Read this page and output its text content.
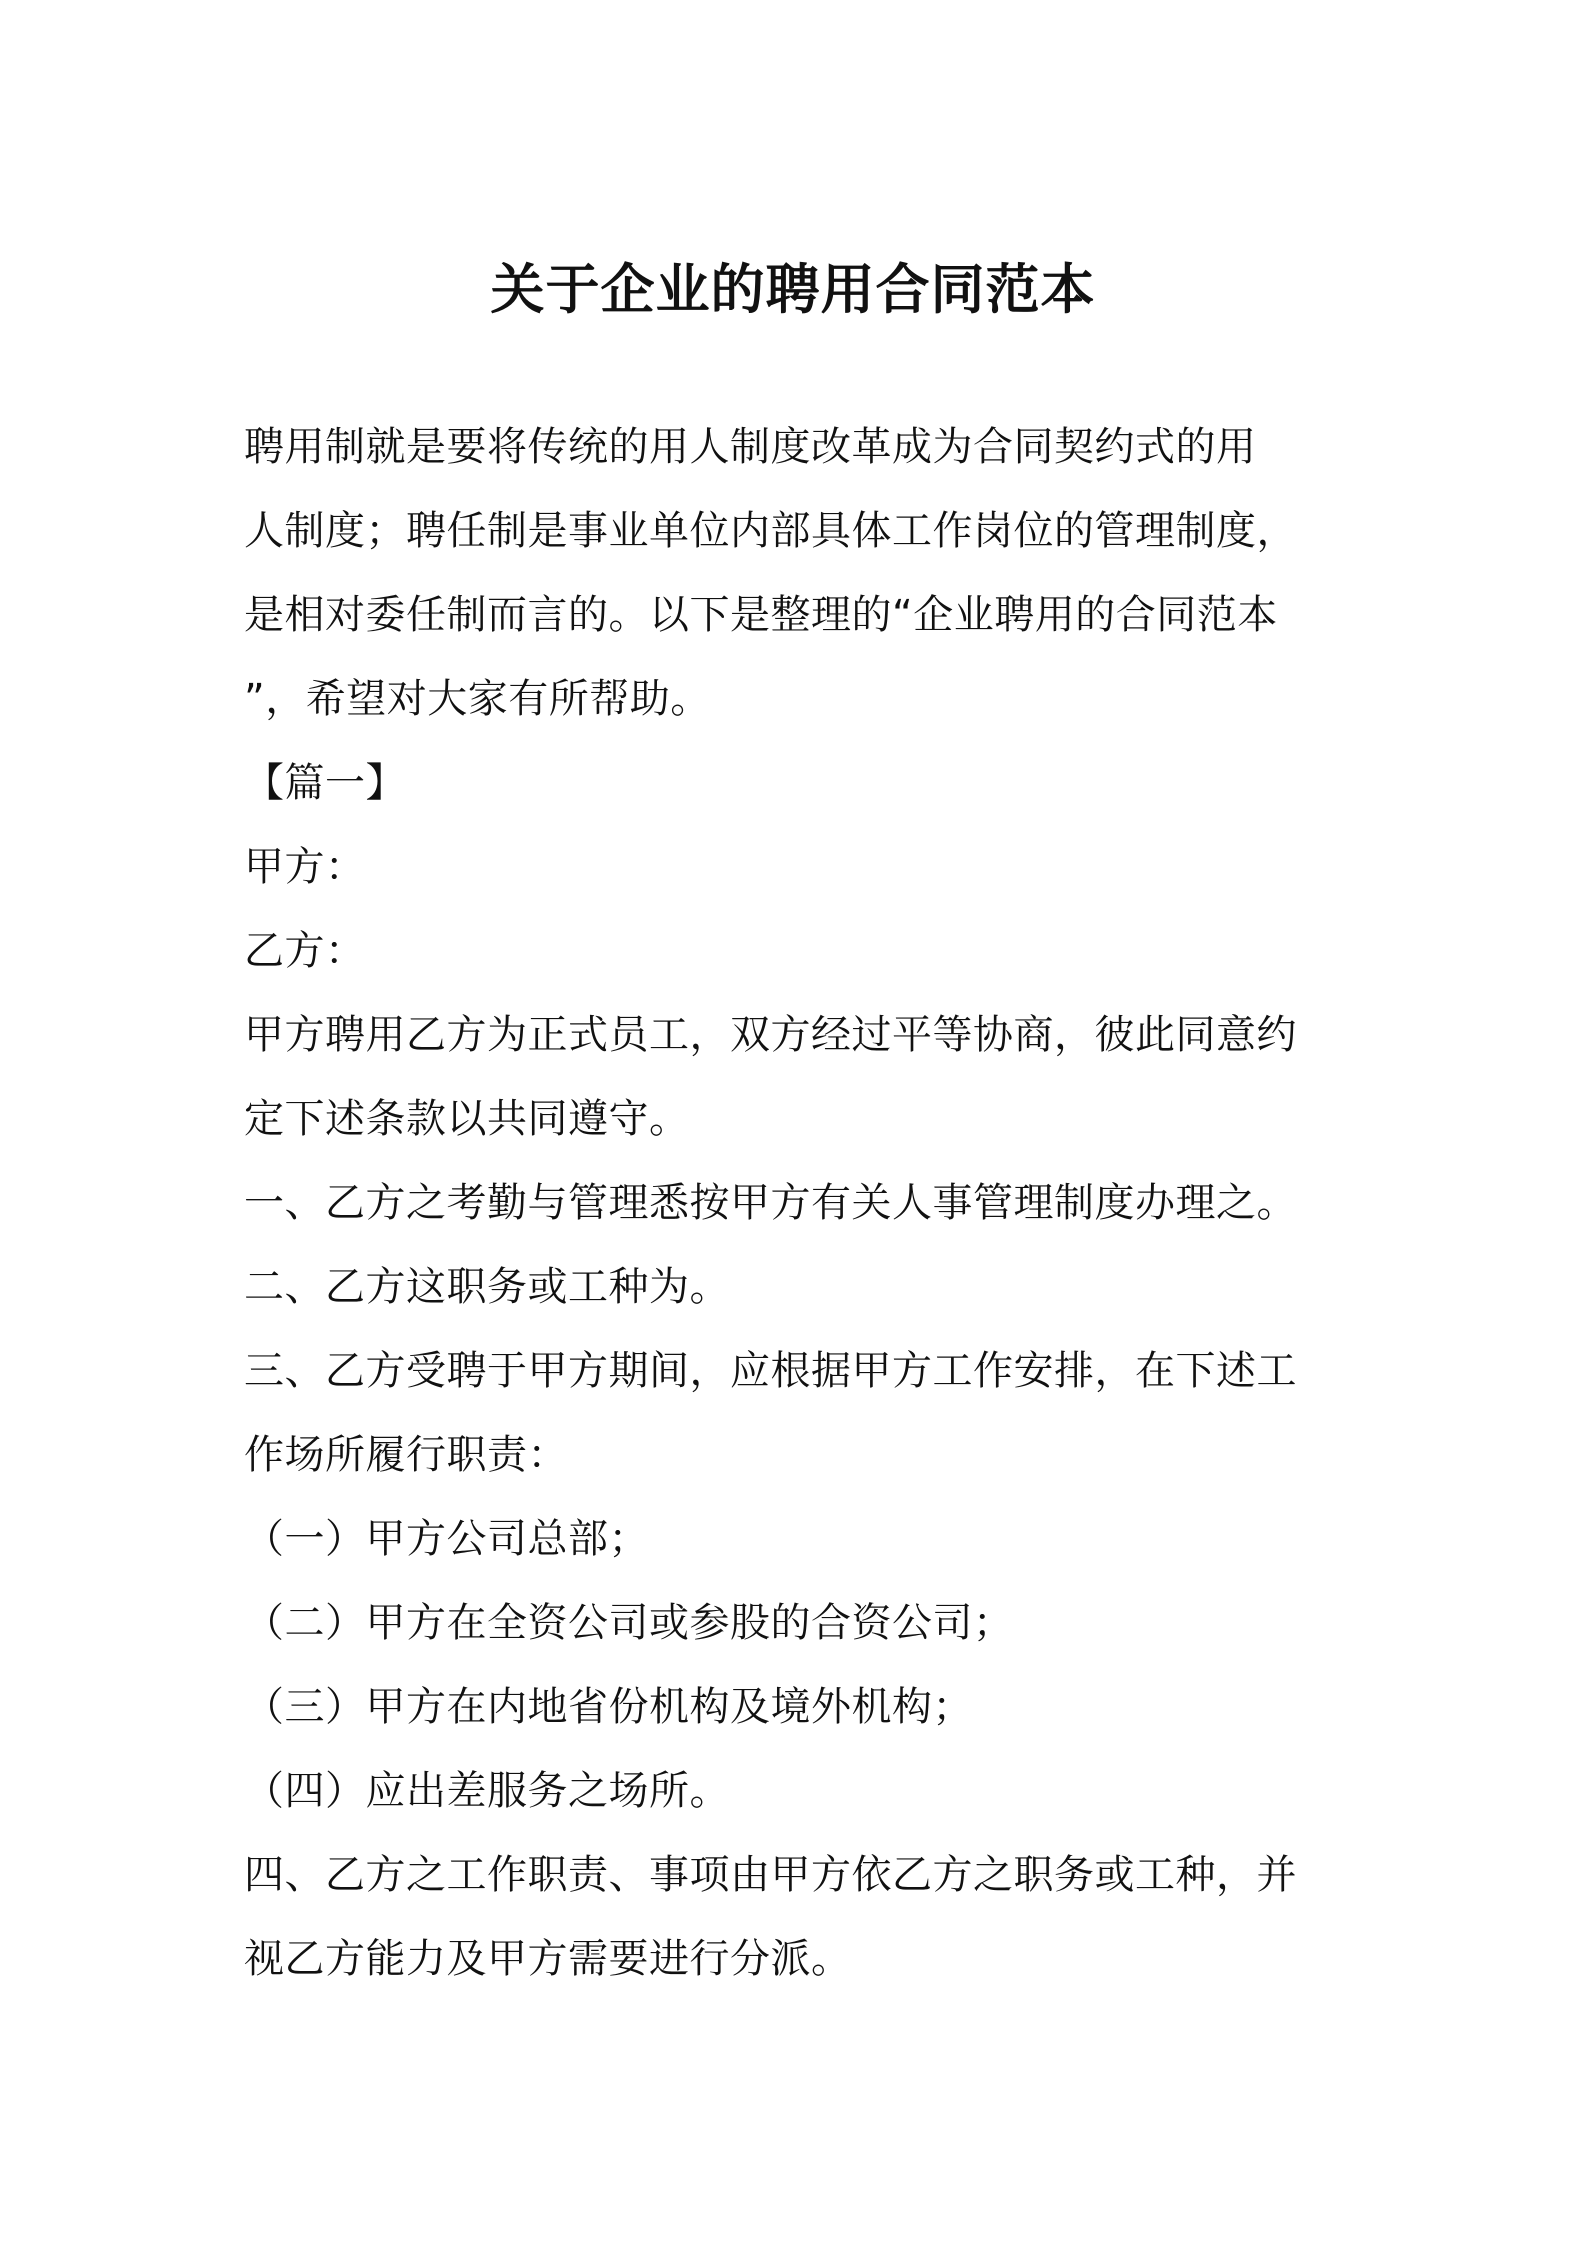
关于企业的聘用合同范本
聘用制就是要将传统的用人制度改革成为合同契约式的用
人制度；聘任制是事业单位内部具体工作岗位的管理制度，
是相对委任制而言的。以下是整理的“企业聘用的合同范本
”，希望对大家有所帮助。
【篇一】
甲方：
乙方：
甲方聘用乙方为正式员工，双方经过平等协商，彼此同意约
定下述条款以共同遵守。
一、乙方之考勤与管理悉按甲方有关人事管理制度办理之。
二、乙方这职务或工种为。
三、乙方受聘于甲方期间，应根据甲方工作安排，在下述工
作场所履行职责：
（一）甲方公司总部；
（二）甲方在全资公司或参股的合资公司；
（三）甲方在内地省份机构及境外机构；
（四）应出差服务之场所。
四、乙方之工作职责、事项由甲方依乙方之职务或工种，并
视乙方能力及甲方需要进行分派。
